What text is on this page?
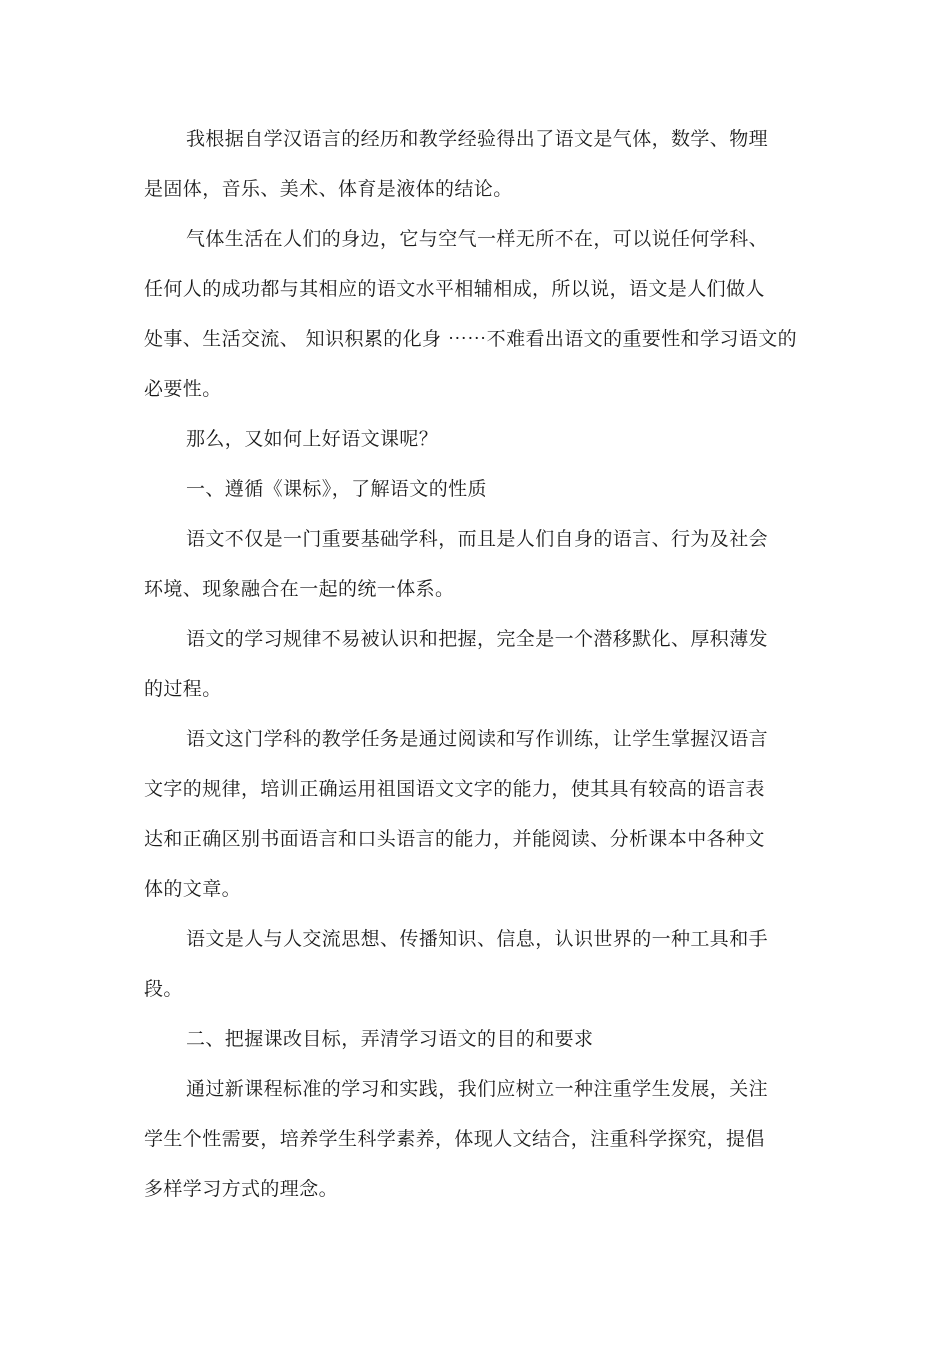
我根据自学汉语言的经历和教学经验得出了语文是气体，数学、物理
是固体，音乐、美术、体育是液体的结论。
气体生活在人们的身边，它与空气一样无所不在，可以说任何学科、
任何人的成功都与其相应的语文水平相辅相成，所以说，语文是人们做人
处事、生活交流、 知识积累的化身 ⋯⋯不难看出语文的重要性和学习语文的
必要性。
那么，又如何上好语文课呢？
一、遵循《课标》，了解语文的性质
语文不仅是一门重要基础学科，而且是人们自身的语言、行为及社会
环境、现象融合在一起的统一体系。
语文的学习规律不易被认识和把握，完全是一个潜移默化、厚积薄发
的过程。
语文这门学科的教学任务是通过阅读和写作训练，让学生掌握汉语言
文字的规律，培训正确运用祖国语文文字的能力，使其具有较高的语言表
达和正确区别书面语言和口头语言的能力，并能阅读、分析课本中各种文
体的文章。
语文是人与人交流思想、传播知识、信息，认识世界的一种工具和手
段。
二、把握课改目标，弄清学习语文的目的和要求
通过新课程标准的学习和实践，我们应树立一种注重学生发展，关注
学生个性需要，培养学生科学素养，体现人文结合，注重科学探究，提倡
多样学习方式的理念。
